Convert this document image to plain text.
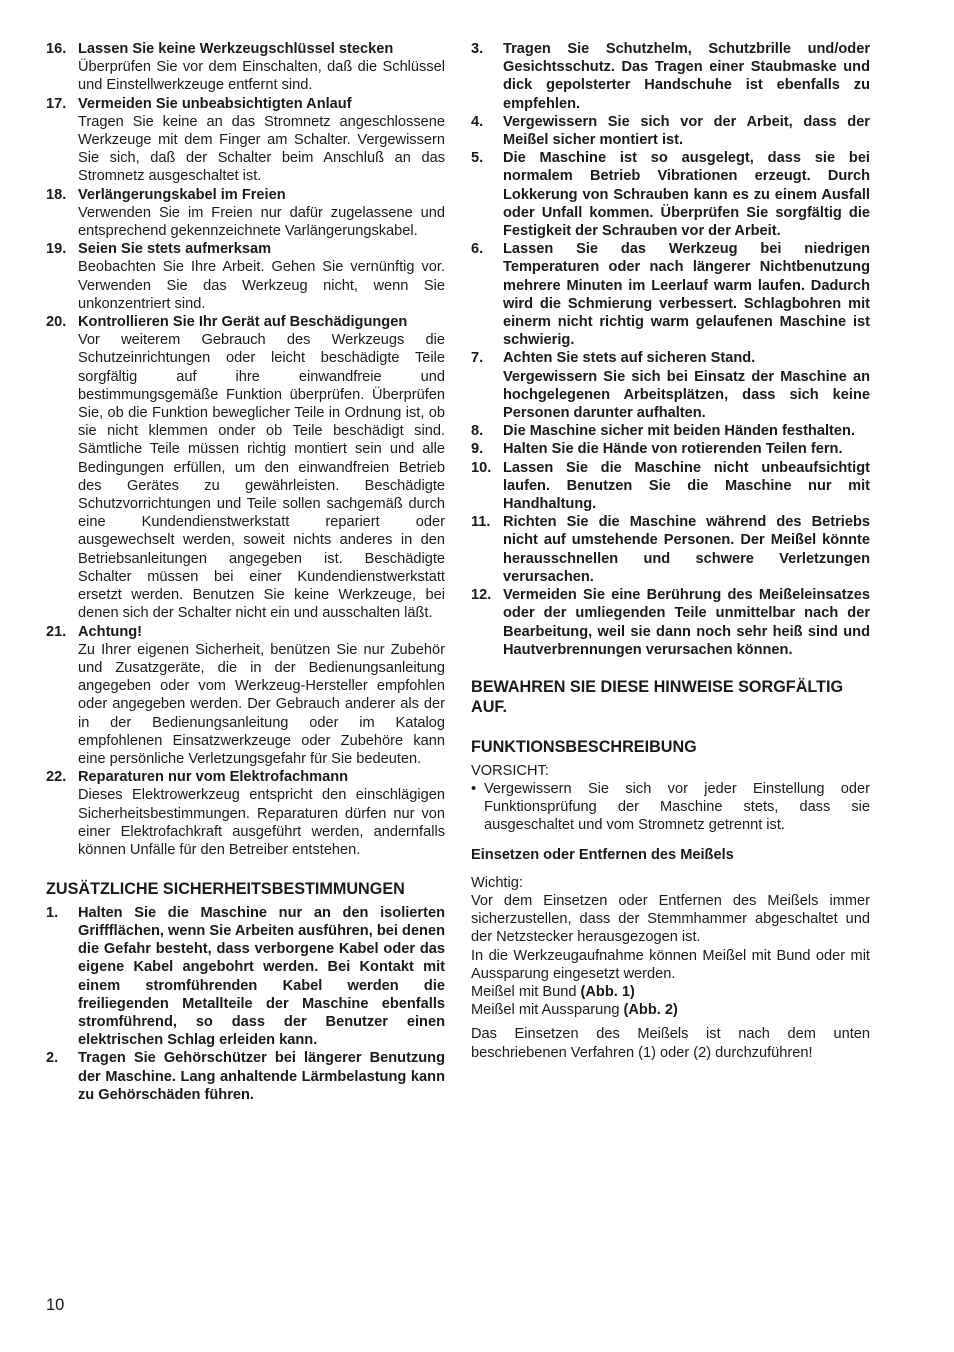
16. Lassen Sie keine Werkzeugschlüssel stecken
Überprüfen Sie vor dem Einschalten, daß die Schlüssel und Einstellwerkzeuge entfernt sind.
17. Vermeiden Sie unbeabsichtigten Anlauf
Tragen Sie keine an das Stromnetz angeschlossene Werkzeuge mit dem Finger am Schalter. Vergewissern Sie sich, daß der Schalter beim Anschluß an das Stromnetz ausgeschaltet ist.
18. Verlängerungskabel im Freien
Verwenden Sie im Freien nur dafür zugelassene und entsprechend gekennzeichnete Varlängerungskabel.
19. Seien Sie stets aufmerksam
Beobachten Sie Ihre Arbeit. Gehen Sie vernünftig vor. Verwenden Sie das Werkzeug nicht, wenn Sie unkonzentriert sind.
20. Kontrollieren Sie Ihr Gerät auf Beschädigungen
Vor weiterem Gebrauch des Werkzeugs die Schutzeinrichtungen oder leicht beschädigte Teile sorgfältig auf ihre einwandfreie und bestimmungsgemäße Funktion überprüfen. Überprüfen Sie, ob die Funktion beweglicher Teile in Ordnung ist, ob sie nicht klemmen onder ob Teile beschädigt sind. Sämtliche Teile müssen richtig montiert sein und alle Bedingungen erfüllen, um den einwandfreien Betrieb des Gerätes zu gewährleisten. Beschädigte Schutzvorrichtungen und Teile sollen sachgemäß durch eine Kundendienstwerkstatt repariert oder ausgewechselt werden, soweit nichts anderes in den Betriebsanleitungen angegeben ist. Beschädigte Schalter müssen bei einer Kundendienstwerkstatt ersetzt werden. Benutzen Sie keine Werkzeuge, bei denen sich der Schalter nicht ein und ausschalten läßt.
21. Achtung!
Zu Ihrer eigenen Sicherheit, benützen Sie nur Zubehör und Zusatzgeräte, die in der Bedienungsanleitung angegeben oder vom Werkzeug-Hersteller empfohlen oder angegeben werden. Der Gebrauch anderer als der in der Bedienungsanleitung oder im Katalog empfohlenen Einsatzwerkzeuge oder Zubehöre kann eine persönliche Verletzungsgefahr für Sie bedeuten.
22. Reparaturen nur vom Elektrofachmann
Dieses Elektrowerkzeug entspricht den einschlägigen Sicherheitsbestimmungen. Reparaturen dürfen nur von einer Elektrofachkraft ausgeführt werden, andernfalls können Unfälle für den Betreiber entstehen.
ZUSÄTZLICHE SICHERHEITSBESTIMMUNGEN
1.	Halten Sie die Maschine nur an den isolierten Griffflächen, wenn Sie Arbeiten ausführen, bei denen die Gefahr besteht, dass verborgene Kabel oder das eigene Kabel angebohrt werden. Bei Kontakt mit einem stromführenden Kabel werden die freiliegenden Metallteile der Maschine ebenfalls stromführend, so dass der Benutzer einen elektrischen Schlag erleiden kann.
2.	Tragen Sie Gehörschützer bei längerer Benutzung der Maschine. Lang anhaltende Lärmbelastung kann zu Gehörschäden führen.
3.	Tragen Sie Schutzhelm, Schutzbrille und/oder Gesichtsschutz. Das Tragen einer Staubmaske und dick gepolsterter Handschuhe ist ebenfalls zu empfehlen.
4.	Vergewissern Sie sich vor der Arbeit, dass der Meißel sicher montiert ist.
5.	Die Maschine ist so ausgelegt, dass sie bei normalem Betrieb Vibrationen erzeugt. Durch Lokkerung von Schrauben kann es zu einem Ausfall oder Unfall kommen. Überprüfen Sie sorgfältig die Festigkeit der Schrauben vor der Arbeit.
6.	Lassen Sie das Werkzeug bei niedrigen Temperaturen oder nach längerer Nichtbenutzung mehrere Minuten im Leerlauf warm laufen. Dadurch wird die Schmierung verbessert. Schlagbohren mit einerm nicht richtig warm gelaufenen Maschine ist schwierig.
7.	Achten Sie stets auf sicheren Stand.
Vergewissern Sie sich bei Einsatz der Maschine an hochgelegenen Arbeitsplätzen, dass sich keine Personen darunter aufhalten.
8.	Die Maschine sicher mit beiden Händen festhalten.
9.	Halten Sie die Hände von rotierenden Teilen fern.
10. Lassen Sie die Maschine nicht unbeaufsichtigt laufen. Benutzen Sie die Maschine nur mit Handhaltung.
11. Richten Sie die Maschine während des Betriebs nicht auf umstehende Personen. Der Meißel könnte herausschnellen und schwere Verletzungen verursachen.
12. Vermeiden Sie eine Berührung des Meißeleinsatzes oder der umliegenden Teile unmittelbar nach der Bearbeitung, weil sie dann noch sehr heiß sind und Hautverbrennungen verursachen können.
BEWAHREN SIE DIESE HINWEISE SORGFÄLTIG AUF.
FUNKTIONSBESCHREIBUNG
VORSICHT:
• Vergewissern Sie sich vor jeder Einstellung oder Funktionsprüfung der Maschine stets, dass sie ausgeschaltet und vom Stromnetz getrennt ist.
Einsetzen oder Entfernen des Meißels
Wichtig:
Vor dem Einsetzen oder Entfernen des Meißels immer sicherzustellen, dass der Stemmhammer abgeschaltet und der Netzstecker herausgezogen ist.
In die Werkzeugaufnahme können Meißel mit Bund oder mit Aussparung eingesetzt werden.
Meißel mit Bund (Abb. 1)
Meißel mit Aussparung (Abb. 2)
Das Einsetzen des Meißels ist nach dem unten beschriebenen Verfahren (1) oder (2) durchzuführen!
10
